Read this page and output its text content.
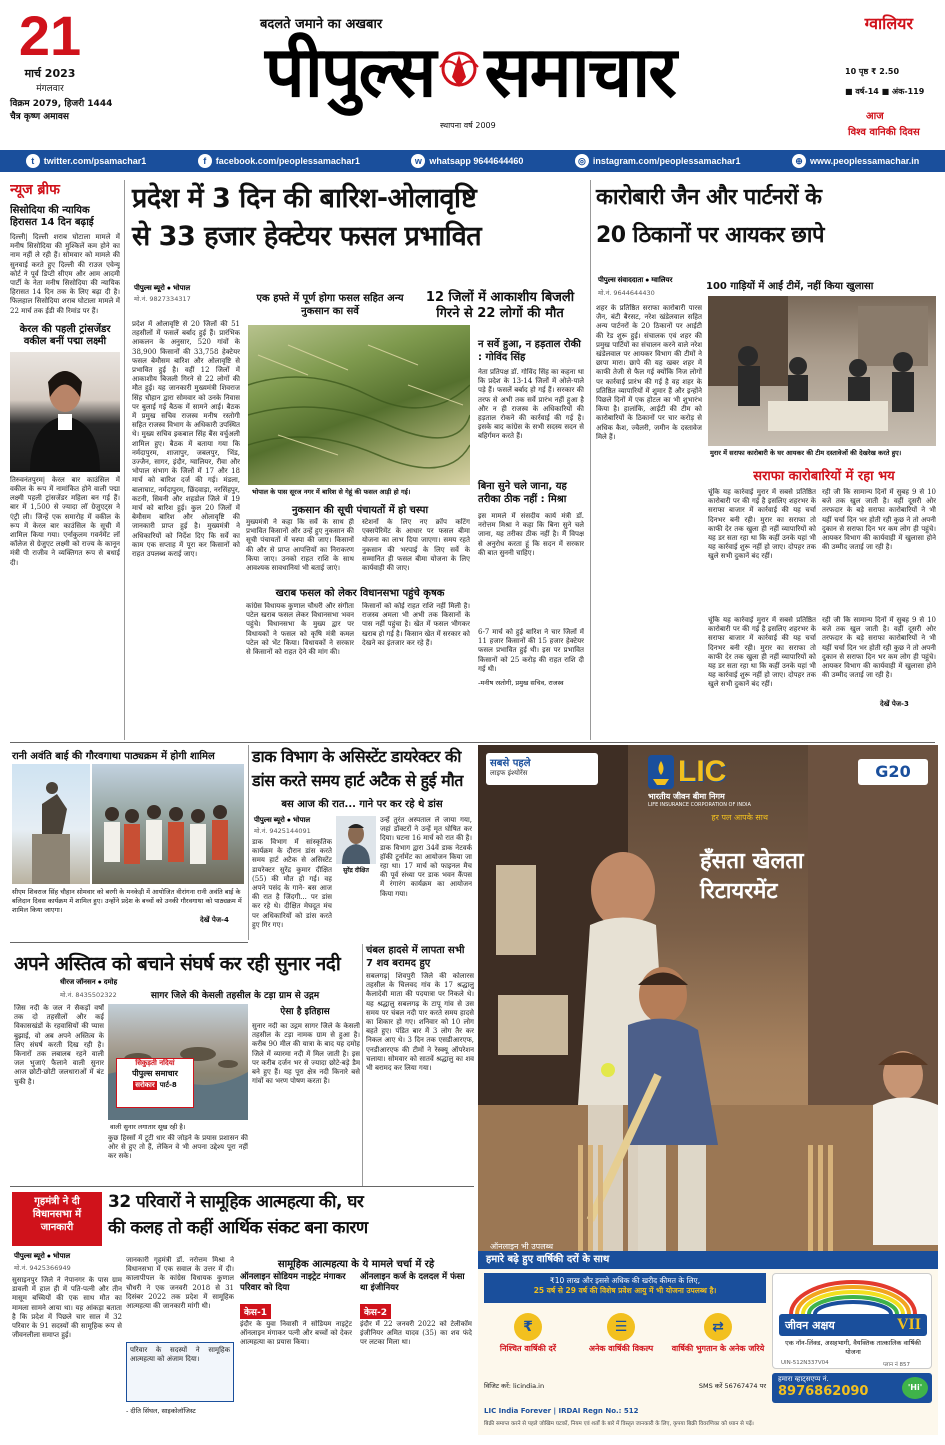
21
मार्च 2023
मंगलवार
विक्रम 2079, हिजरी 1444
चैत्र कृष्ण अमावस
बदलते जमाने का अखबार
पीपुल्स समाचार
स्थापना वर्ष 2009
ग्वालियर
10 पृष्ठ ₹ 2.50
■ वर्ष-14 ■ अंक-119
आज
विश्व वानिकी दिवस
t	twitter.com/psamachar1	f	facebook.com/peoplessamachar1	w whatsapp 9644644460	◎ instagram.com/peoplessamachar1	⊕ www.peoplessamachar.in
न्यूज ब्रीफ
सिसोदिया की न्यायिक हिरासत 14 दिन बढ़ाई
दिल्ली| दिल्ली शराब घोटाला मामले में मनीष सिसोदिया की मुश्किलें कम होने का नाम नहीं ले रही हैं। सोमवार को मामले की सुनवाई करते हुए दिल्ली की राउज एवेन्यू कोर्ट ने पूर्व डिप्टी सीएम और आम आदमी पार्टी के नेता मनीष सिसोदिया की न्यायिक हिरासत 14 दिन तक के लिए बढ़ा दी है। फिलहाल सिसोदिया शराब घोटाला मामले में 22 मार्च तक ईडी की रिमांड पर हैं।
केरल की पहली ट्रांसजेंडर वकील बनीं पद्मा लक्ष्मी
तिरुवनंतपुरम| केरल बार काउंसिल में वकील के रूप में नामांकित होने वाली पद्मा लक्ष्मी पहली ट्रांसजेंडर महिला बन गई हैं। बार में 1,500 से ज्यादा लॉ ग्रेजुएट्स ने एंट्री ली। जिन्हें एक समारोह में वकील के रूप में केरल बार काउंसिल के सूची में शामिल किया गया। एर्नाकुलम गवर्नमेंट लॉ कॉलेज से ग्रेजुएट लक्ष्मी को राज्य के कानून मंत्री पी राजीव ने व्यक्तिगत रूप से बधाई दी।
प्रदेश में 3 दिन की बारिश-ओलावृष्टि
से 33 हजार हेक्टेयर फसल प्रभावित
पीपुल्स ब्यूरो ● भोपाल
मो.नं. 9827334317
प्रदेश में ओलावृष्टि से 20 जिलों की 51 तहसीलों में फसलें बर्बाद हुई हैं। प्रारंभिक आकलन के अनुसार, 520 गांवों के 38,900 किसानों की 33,758 हेक्टेयर फसल बेमौसम बारिश और ओलावृष्टि से प्रभावित हुई है। वहीं 12 जिलों में आकाशीय बिजली गिरने से 22 लोगों की मौत हुई। यह जानकारी मुख्यमंत्री शिवराज सिंह चौहान द्वारा सोमवार को उनके निवास पर बुलाई गई बैठक में सामने आई। बैठक में प्रमुख सचिव राजस्व मनीष रस्तोगी सहित राजस्व विभाग के अधिकारी उपस्थित थे। मुख्य सचिव इकबाल सिंह बैंस वर्चुअली शामिल हुए। बैठक में बताया गया कि नर्मदापुरम, शाजापुर, जबलपुर, भिंड, उज्जैन, सागर, इंदौर, ग्वालियर, रीवा और भोपाल संभाग के जिलों में 17 और 18 मार्च को बारिश दर्ज की गई। मंडला, बालाघाट, नर्मदापुरम, छिंदवाड़ा, नरसिंहपुर, कटनी, सिवनी और शहडोल जिले में 19 मार्च को बारिश हुई। कुल 20 जिलों में बेमौसम बारिश और ओलावृष्टि की जानकारी प्राप्त हुई है। मुख्यमंत्री ने अधिकारियों को निर्देश दिए कि सर्वे का काम एक सप्ताह में पूरा कर किसानों को राहत उपलब्ध कराई जाए।
एक हफ्ते में पूर्ण होगा फसल सहित अन्य नुकसान का सर्वे
12 जिलों में आकाशीय बिजली गिरने से 22 लोगों की मौत
भोपाल के पास सूरज नगर में बारिश से गेहूं की फसल आड़ी हो गई।
नुकसान की सूची पंचायतों में हो चस्पा
मुख्यमंत्री ने कहा कि सर्वे के साथ ही प्रभावित किसानों और उन्हें हुए नुकसान की सूची पंचायतों में चस्पा की जाए। किसानों की और से प्राप्त आपत्तियों का निराकरण किया जाए। उनको राहत राशि के साथ आवश्यक सावधानियां भी बताई जाएं।
स्टेशनों के लिए नए क्रॉप कटिंग एक्सपेरिमेंट के आधार पर फसल बीमा योजना का लाभ दिया जाएगा। समय रहते नुकसान की भरपाई के लिए सर्वे के सम्मानित ही फसल बीमा योजना के लिए कार्यवाही की जाए।
खराब फसल को लेकर विधानसभा पहुंचे कृषक
कांग्रेस विधायक कुणाल चौधरी और संगीता पटेल खराब फसल लेकर विधानसभा भवन पहुंचे। विधानसभा के मुख्य द्वार पर विधायकों ने फसल को कृषि मंत्री कमल पटेल को भेंट किया। विधायकों ने सरकार से किसानों को राहत देने की मांग की।
किसानों को कोई राहत राशि नहीं मिली है। राजस्व अमला भी अभी तक किसानों के पास नहीं पहुंचा है। खेत में फसल भीगकर खराब हो गई है। किसान खेत में सरकार को देखने का इंतजार कर रहे हैं।
न सर्वे हुआ, न हड़ताल रोकी : गोविंद सिंह
नेता प्रतिपक्ष डॉ. गोविंद सिंह का कहना था कि प्रदेश के 13-14 जिलों में ओले-पाले पड़े हैं। फसलें बर्बाद हो गई हैं। सरकार की तरफ से अभी तक सर्वे प्रारंभ नहीं हुआ है और न ही राजस्व के अधिकारियों की हड़ताल रोकने की कार्रवाई की गई है। इसके बाद कांग्रेस के सभी सदस्य सदन से बहिर्गमन करते हैं।
बिना सुने चले जाना, यह तरीका ठीक नहीं : मिश्रा
इस मामले में संसदीय कार्य मंत्री डॉ. नरोत्तम मिश्रा ने कहा कि बिना सुने चले जाना, यह तरीका ठीक नहीं है। मैं विपक्ष से अनुरोध करता हूं कि सदन में सरकार की बात सुननी चाहिए।
6-7 मार्च को हुई बारिश ने चार जिलों में 11 हजार किसानों की 15 हजार हेक्टेयर फसल प्रभावित हुई थी। इस पर प्रभावित किसानों को 25 करोड़ की राहत राशि दी गई थी।
-मनीष रस्तोगी, प्रमुख सचिव, राजस्व
कारोबारी जैन और पार्टनरों के
20 ठिकानों पर आयकर छापे
पीपुल्स संवाददाता ● ग्वालियर
मो.नं. 9644644430
100 गाड़ियों में आईं टीमें, नहीं किया खुलासा
शहर के प्रतिष्ठित सराफा कारोबारी पारस जैन, बंटी बैरसट, नरेश खंडेलवाल सहित अन्य पार्टनरों के 20 ठिकानों पर आईटी की रेड शुरू हुई। संचालक एवं शहर की प्रमुख पार्टियों का संचालन करने वाले नरेश खंडेलवाल पर आयकर विभाग की टीमों ने छापा मारा। छापे की यह खबर शहर में काफी तेजी से फैल गई क्योंकि निज लोगों पर कार्रवाई प्रारंभ की गई है वह शहर के प्रतिष्ठित व्यापारियों में शुमार हैं और इन्होंने पिछले दिनों में एक होटल का भी शुभारंभ किया है। हालांकि, आईटी की टीम को कारोबारियों के ठिकानों पर चार करोड़ से अधिक कैश, ज्वैलरी, जमीन के दस्तावेज मिले हैं।
मुरार में सराफा कारोबारी के घर आयकर की टीम दस्तावेजों की देखरेख करते हुए।
सराफा कारोबारियों में रहा भय
चूंकि यह कार्रवाई मुरार में सबसे प्रतिष्ठित कारोबारी पर की गई है इसलिए शहरभर के सराफा बाजार में कार्रवाई की यह चर्चा दिनभर बनी रही। मुरार का सराफा तो काफी देर तक खुला ही नहीं व्यापारियों को यह डर सता रहा था कि कहीं उनके यहां भी यह कार्रवाई शुरू नहीं हो जाए। दोपहर तक खुले सभी दुकानें बंद रहीं।
रही जी कि सामान्य दिनों में सुबह 9 से 10 बजे तक खुल जाती है। वहीं दूसरी ओर तरफदार के बड़े सराफा कारोबारियों ने भी यहीं चर्चा दिन भर होती रही कुछ ने तो अपनी दुकान से सराफा दिन भर कम लोग ही पहुंचे। आयकर विभाग की कार्यवाही में खुलासा होने की उम्मीद जताई जा रही है।
चूंकि यह कार्रवाई मुरार में सबसे प्रतिष्ठित कारोबारी पर की गई है इसलिए शहरभर के सराफा बाजार में कार्रवाई की यह चर्चा दिनभर बनी रही। मुरार का सराफा तो काफी देर तक खुला ही नहीं व्यापारियों को यह डर सता रहा था कि कहीं उनके यहां भी यह कार्रवाई शुरू नहीं हो जाए। दोपहर तक खुले सभी दुकानें बंद रहीं।
रही जी कि सामान्य दिनों में सुबह 9 से 10 बजे तक खुल जाती है। वहीं दूसरी ओर तरफदार के बड़े सराफा कारोबारियों ने भी यहीं चर्चा दिन भर होती रही कुछ ने तो अपनी दुकान से सराफा दिन भर कम लोग ही पहुंचे। आयकर विभाग की कार्यवाही में खुलासा होने की उम्मीद जताई जा रही है।
देखें पेज-3
रानी अवंति बाई की गौरवगाथा पाठ्यक्रम में होगी शामिल
सीएम शिवराज सिंह चौहान सोमवार को बरगी के मनकेड़ी में आयोजित वीरांगना रानी अवंति बाई के बलिदान दिवस कार्यक्रम में शामिल हुए। उन्होंने प्रदेश के बच्चों को उनकी गौरवगाथा को पाठ्यक्रम में शामिल किया जाएगा।
देखें पेज-4
डाक विभाग के असिस्टेंट डायरेक्टर की
डांस करते समय हार्ट अटैक से हुई मौत
बस आज की रात... गाने पर कर रहे थे डांस
पीपुल्स ब्यूरो ● भोपाल
मो.नं. 9425144091
डाक विभाग में सांस्कृतिक कार्यक्रम के दौरान डांस करते समय हार्ट अटैक से असिस्टेंट डायरेक्टर सुरेंद्र कुमार दीक्षित (55) की मौत हो गई। वह अपने पसंद के गाने- बस आज की रात है जिंदगी... पर डांस कर रहे थे। दीक्षित मेघदूत मंच पर अधिकारियों को डांस करते हुए गिर गए।
सुरेंद्र दीक्षित
उन्हें तुरंत अस्पताल ले जाया गया, जहां डॉक्टरों ने उन्हें मृत घोषित कर दिया। घटना 16 मार्च को रात की है। डाक विभाग द्वारा 34वें डाक नेटवर्क हॉकी टूर्नामेंट का आयोजन किया जा रहा था। 17 मार्च को फाइनल मैच की पूर्व संध्या पर डाक भवन कैंपस में रंगारंग कार्यक्रम का आयोजन किया गया।
चंबल हादसे में लापता सभी 7 शव बरामद हुए
सबलगढ़| शिवपुरी जिले की कोलारस तहसील के चिलवद गांव के 17 श्रद्धालु कैलादेवी माता की पदयात्रा पर निकले थे। यह श्रद्धालु सबलगढ़ के टापू गांव से उस समय पर चंबल नदी पार करते समय हादसे का शिकार हो गए। शनिवार को 10 लोग बहते हुए। पंडित बार में 3 लोग तैर कर निकल आए थे। 3 दिन तक एसडीआरएफ, एनडीआरएफ की टीमों ने रेस्क्यू ऑपरेशन चलाया। सोमवार को सातवें श्रद्धालु का शव भी बरामद कर लिया गया।
अपने अस्तित्व को बचाने संघर्ष कर रही सुनार नदी
धीरज जॉनसन ● दमोह
मो.नं. 8435502322	सागर जिले की केसली तहसील के टड़ा ग्राम से उद्गम
ऐसा है इतिहास
जिस नदी के जल ने सैकड़ों वर्षों तक दो तहसीलों और कई विकासखंडों के रहवासियों की प्यास बुझाई, वो अब अपने अस्तित्व के लिए संघर्ष करती दिख रही है। किनारों तक लबालब रहने वाली जल भुजाएं फैलाने वाली सुनार आज छोटी-छोटी जलधाराओं में बंट चुकी है।
सिकुड़ती नदियां
पीपुल्स समाचार
सरोकार पार्ट-8
वाली सुनार लगातार सूख रही है।
कुछ हिस्सों में टूटी धार की जोड़ने के प्रयास प्रशासन की ओर से हुए तो हैं, लेकिन वे भी अपना उद्देश्य पूरा नहीं कर सके।
सुनार नदी का उद्गम सागर जिले के केसली तहसील के टड़ा नामक ग्राम से हुआ है। करीब 90 मील की यात्रा के बाद यह दमोह जिले में व्यारमा नदी में मिल जाती है। इस पर करीब दर्जन भर से ज्यादा छोटे-बड़े डैम बने हुए हैं। यह पूरा क्षेत्र नदी किनारे बसे गांवों का भरण पोषण करता है।
गृहमंत्री ने दी विधानसभा में जानकारी
32 परिवारों ने सामूहिक आत्महत्या की, घर
की कलह तो कहीं आर्थिक संकट बना कारण
पीपुल्स ब्यूरो ● भोपाल
मो.नं. 9425366949
सुसाइनपुर जिले ने नेपानगर के पास ग्राम डावली में हाल ही में पति-पत्नी और तीन मासूम बच्चियों की एक साथ मौत का मामला सामने आया था। यह आंकड़ा बताता है कि प्रदेश में पिछले चार साल में 32 परिवार के 91 सदस्यों की सामूहिक रूप से जीवनलीला समाप्त हुई।
जानकारी गृहमंत्री डॉ. नरोत्तम मिश्रा ने विधानसभा में एक सवाल के उत्तर में दी। कालापीपल के कांग्रेस विधायक कुणाल चौधरी ने एक जनवरी 2018 से 31 दिसंबर 2022 तक प्रदेश में सामूहिक आत्महत्या की जानकारी मांगी थी।
परिवार के सदस्यों ने सामूहिक आत्महत्या को अंजाम दिया।
- दीति सिंघल, साइकोलॉजिस्ट
सामूहिक आत्महत्या के ये मामले चर्चा में रहे
ऑनलाइन सोडियम नाइट्रेट मंगाकर परिवार को दिया
केस-1
इंदौर के युवा निवासी ने सोडियम नाइट्रेट ऑनलाइन मंगाकर पत्नी और बच्चों को देकर आत्महत्या का प्रयास किया।
ऑनलाइन कर्ज के दलदल में फंसा था इंजीनियर
केस-2
इंदौर में 22 जनवरी 2022 को टेलीकॉम इंजीनियर अमित यादव (35) का शव फंदे पर लटका मिला था।
सबसे पहले
लाइफ इंश्योरेंस	LIC
भारतीय जीवन बीमा निगम
LIFE INSURANCE CORPORATION OF INDIA
हर पल आपके साथ
G20
हँसता खेलता
रिटायरमेंट
ऑनलाइन भी उपलब्ध
हमारे बढ़े हुए वार्षिकी दरों के साथ
₹10 लाख और इससे अधिक की खरीद कीमत के लिए,
25 वर्ष से 29 वर्ष की विशेष प्रवेश आयु में भी योजना उपलब्ध है।
₹
निश्चित वार्षिकी दरें
☰
अनेक वार्षिकी विकल्प
⇄
वार्षिकी भुगतान के अनेक जरिये
जीवन अक्षय	VII
एक नॉन-लिंक्ड, असहभागी, वैयक्तिक तात्कालिक वार्षिकी योजना
UIN-512N337V04	प्लान नं 857
हमारा व्हाट्सएप्प नं.
8976862090	'Hi'
विजिट करें: licindia.in	SMS करें 56767474 पर
LIC India Forever | IRDAI Regn No.: 512
बिक्री समाप्त करने से पहले जोखिम घटकों, नियम एवं शर्तों के बारे में विस्तृत जानकारी के लिए, कृपया बिक्री विवरणिका को ध्यान से पढ़ें।
